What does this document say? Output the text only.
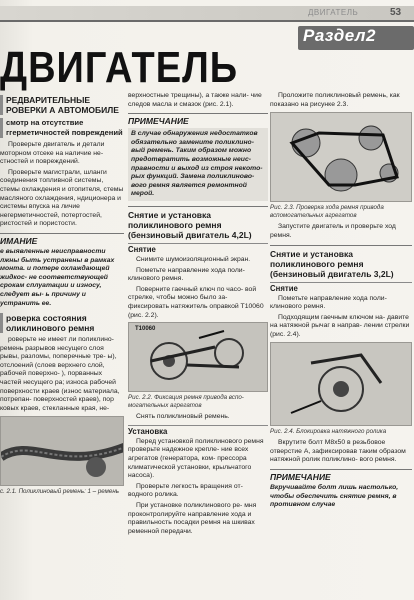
ДВИГАТЕЛЬ	53
Раздел2
ДВИГАТЕЛЬ
РЕДВАРИТЕЛЬНЫЕ РОВЕРКИ А АВТОМОБИЛЕ
смотр на отсутствие ггерметичностей повреждений
Проверьте двигатель и детали моторном отсеке на наличие не- стностей и повреждений.
Проверьте магистрали, шланги соединения топливной системы, стемы охлаждения и отопителя, стемы масляного охлаждения, ндиционера и системы впуска на личие негерметичностей, потертостей, ристостей и пористости.
ИМАНИЕ
е выявленные неисправности лжны быть устранены в рамках монта. и потере охлаждающей жидкос- не соответствующей срокам сплуатации и износу, следует вы- ь причину и устранить ее.
роверка состояния оликлинового ремня
роверьте не имеет ли поликлино- ремень разрывов несущего слоя рывы, разломы, поперечные тре- ы), отслоений (слоев верхнего слой, рабочей поверхно- ), порванных частей несущего ра; износа рабочей поверхности краев (износ материала, потрепан- поверхностей краев), пор ковых краев, стекланные края, не-
с. 2.1. Поликлиновый ремень: 1 – ремень
верхностные трещины), а также нали- чие следов масла и смазок (рис. 2.1).
ПРИМЕЧАНИЕ
В случае обнаружения недостатков обязательно замените поликлино- вый ремень. Таким образом можно предотвратить возможные неис- правности и выход из строя некото- рых функций. Замена поликлиново- вого ремня является ремонтной мерой.
Снятие и установка поликлинового ремня (бензиновый двигатель 4,2L)
Снятие
Снимите шумоизоляционный экран.
Пометьте направление хода поли- клинового ремня.
Поверните гаечный ключ по часо- вой стрелке, чтобы можно было за- фиксировать натяжитель оправкой T10060 (рис. 2.2).
T10060
Рис. 2.2. Фиксация ремня привода вспо- могательных агрегатов
Снять поликлиновый ремень.
Установка
Перед установкой поликлинового ремня проверьте надежное крепле- ние всех агрегатов (генератора, ком- прессора климатической установки, крыльчатого насоса).
Проверьте легкость вращения от- водного ролика.
При установке поликлинового ре- мня проконтролируйте направление хода и правильность посадки ремня на шкивах ременной передачи.
Проложите поликлиновый ремень, как показано на рисунке 2.3.
Рис. 2.3. Проверка хода ремня привода вспомогательных агрегатов
Запустите двигатель и проверьте ход ремня.
Снятие и установка поликлинового ремня (бензиновый двигатель 3,2L)
Снятие
Пометьте направление хода поли- клинового ремня.
Подходящим гаечным ключом на- давите на натяжной рычаг в направ- лении стрелки (рис. 2.4).
Рис. 2.4. Блокировка натяжного ролика
Вкрутите болт M8x50 в резьбовое отверстие A, зафиксировав таким образом натяжной ролик поликлино- вого ремня.
ПРИМЕЧАНИЕ
Вкручивайте болт лишь настолько, чтобы обеспечить снятие ремня, в противном случае
